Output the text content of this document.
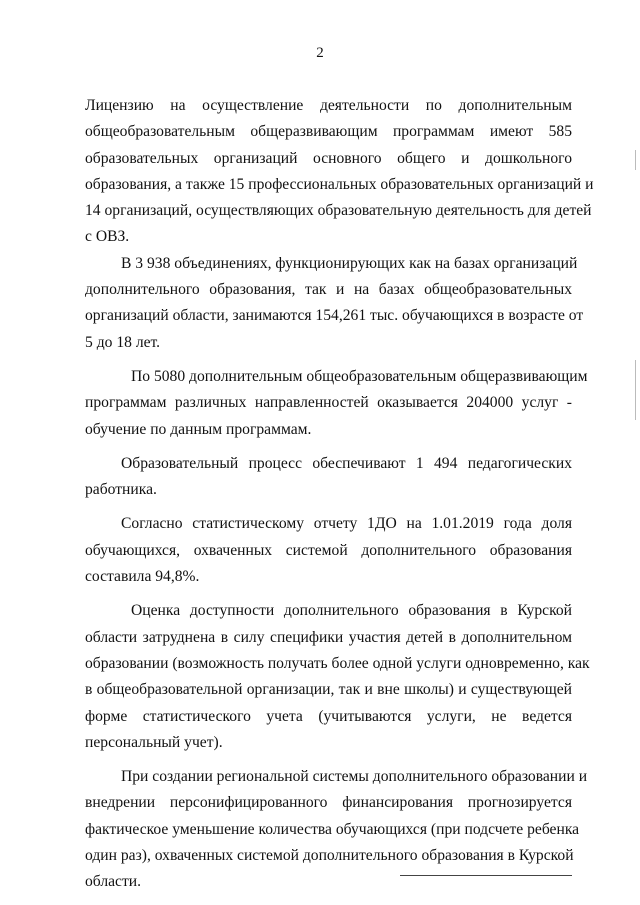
2
Лицензию на осуществление деятельности по дополнительным
общеобразовательным общеразвивающим программам имеют 585
образовательных организаций основного общего и дошкольного
образования, а также 15 профессиональных образовательных организаций и
14 организаций, осуществляющих образовательную деятельность для детей
с ОВЗ.
В 3 938 объединениях, функционирующих как на базах организаций
дополнительного образования, так и на базах общеобразовательных
организаций области, занимаются 154,261 тыс. обучающихся в возрасте от
5 до 18 лет.
По 5080 дополнительным общеобразовательным общеразвивающим
программам различных направленностей оказывается 204000 услуг -
обучение по данным программам.
Образовательный процесс обеспечивают 1 494 педагогических
работника.
Согласно статистическому отчету 1ДО на 1.01.2019 года доля
обучающихся, охваченных системой дополнительного образования
составила 94,8%.
Оценка доступности дополнительного образования в Курской
области затруднена в силу специфики участия детей в дополнительном
образовании (возможность получать более одной услуги одновременно, как
в общеобразовательной организации, так и вне школы) и существующей
форме статистического учета (учитываются услуги, не ведется
персональный учет).
При создании региональной системы дополнительного образовании и
внедрении персонифицированного финансирования прогнозируется
фактическое уменьшение количества обучающихся (при подсчете ребенка
один раз), охваченных системой дополнительного образования в Курской
области.
